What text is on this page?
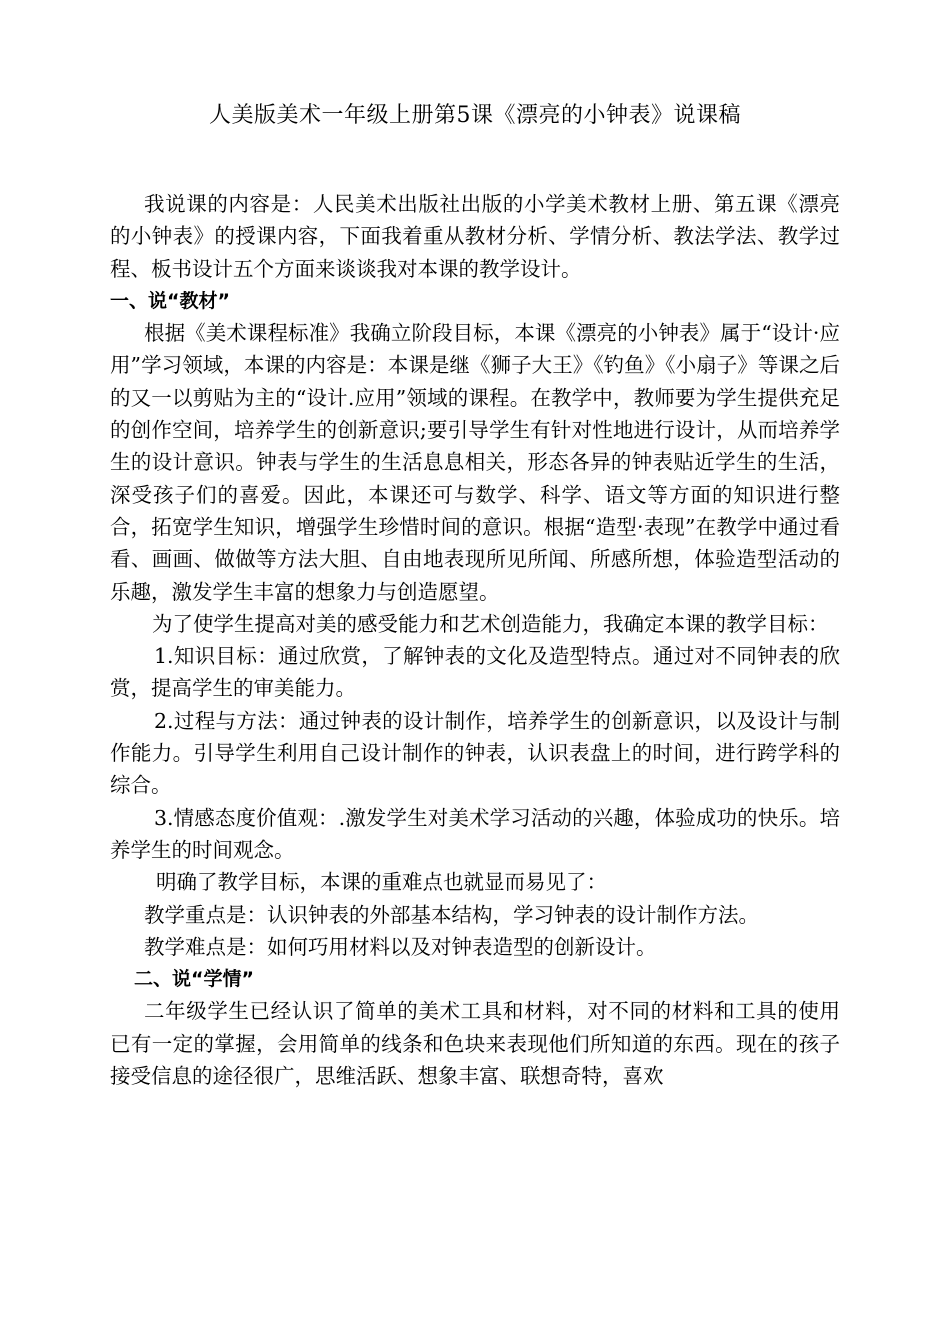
人美版美术一年级上册第5课《漂亮的小钟表》说课稿

我说课的内容是：人民美术出版社出版的小学美术教材上册、第五课《漂亮的小钟表》的授课内容，下面我着重从教材分析、学情分析、教法学法、教学过程、板书设计五个方面来谈谈我对本课的教学设计。

一、说“教材”

根据《美术课程标准》我确立阶段目标，本课《漂亮的小钟表》属于“设计·应用”学习领域，本课的内容是：本课是继《狮子大王》《钓鱼》《小扇子》等课之后的又一以剪贴为主的“设计.应用”领域的课程。在教学中，教师要为学生提供充足的创作空间，培养学生的创新意识;要引导学生有针对性地进行设计，从而培养学生的设计意识。钟表与学生的生活息息相关，形态各异的钟表贴近学生的生活，深受孩子们的喜爱。因此，本课还可与数学、科学、语文等方面的知识进行整合，拓宽学生知识，增强学生珍惜时间的意识。根据“造型·表现”在教学中通过看看、画画、做做等方法大胆、自由地表现所见所闻、所感所想，体验造型活动的乐趣，激发学生丰富的想象力与创造愿望。

为了使学生提高对美的感受能力和艺术创造能力，我确定本课的教学目标：

1.知识目标：通过欣赏，了解钟表的文化及造型特点。通过对不同钟表的欣赏，提高学生的审美能力。

2.过程与方法：通过钟表的设计制作，培养学生的创新意识，以及设计与制作能力。引导学生利用自己设计制作的钟表，认识表盘上的时间，进行跨学科的综合。

3.情感态度价值观：.激发学生对美术学习活动的兴趣，体验成功的快乐。培养学生的时间观念。

明确了教学目标，本课的重难点也就显而易见了：

教学重点是：认识钟表的外部基本结构，学习钟表的设计制作方法。

教学难点是：如何巧用材料以及对钟表造型的创新设计。

二、说“学情”

二年级学生已经认识了简单的美术工具和材料，对不同的材料和工具的使用已有一定的掌握，会用简单的线条和色块来表现他们所知道的东西。现在的孩子接受信息的途径很广，思维活跃、想象丰富、联想奇特，喜欢
